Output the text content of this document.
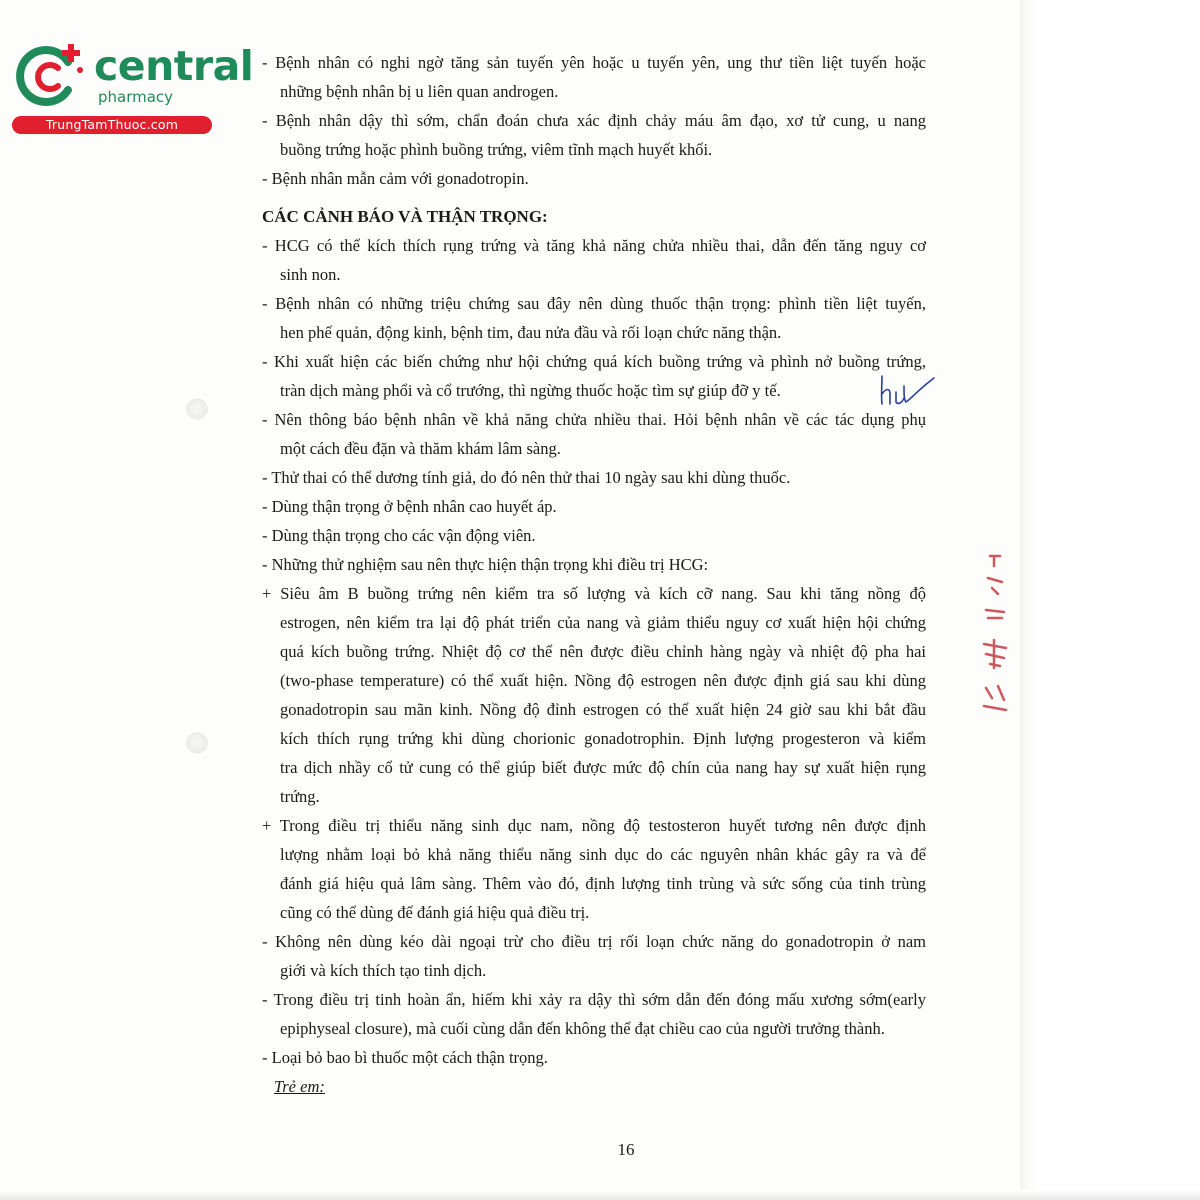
central
pharmacy
TrungTamThuoc.com
- Bệnh nhân có nghi ngờ tăng sản tuyến yên hoặc u tuyến yên, ung thư tiền liệt tuyến hoặc
những bệnh nhân bị u liên quan androgen.
- Bệnh nhân dậy thì sớm, chẩn đoán chưa xác định chảy máu âm đạo, xơ tử cung, u nang
buồng trứng hoặc phình buồng trứng, viêm tĩnh mạch huyết khối.
- Bệnh nhân mẫn cảm với gonadotropin.
CÁC CẢNH BÁO VÀ THẬN TRỌNG:
- HCG có thể kích thích rụng trứng và tăng khả năng chửa nhiều thai, dẫn đến tăng nguy cơ
sinh non.
- Bệnh nhân có những triệu chứng sau đây nên dùng thuốc thận trọng: phình tiền liệt tuyến,
hen phế quản, động kinh, bệnh tim, đau nửa đầu và rối loạn chức năng thận.
- Khi xuất hiện các biến chứng như hội chứng quá kích buồng trứng và phình nở buồng trứng,
tràn dịch màng phổi và cổ trướng, thì ngừng thuốc hoặc tìm sự giúp đỡ y tế.
- Nên thông báo bệnh nhân về khả năng chửa nhiều thai. Hỏi bệnh nhân về các tác dụng phụ
một cách đều đặn và thăm khám lâm sàng.
- Thử thai có thể dương tính giả, do đó nên thử thai 10 ngày sau khi dùng thuốc.
- Dùng thận trọng ở bệnh nhân cao huyết áp.
- Dùng thận trọng cho các vận động viên.
- Những thử nghiệm sau nên thực hiện thận trọng khi điều trị HCG:
+ Siêu âm B buồng trứng nên kiểm tra số lượng và kích cỡ nang. Sau khi tăng nồng độ
estrogen, nên kiểm tra lại độ phát triển của nang và giảm thiểu nguy cơ xuất hiện hội chứng
quá kích buồng trứng. Nhiệt độ cơ thể nên được điều chỉnh hàng ngày và nhiệt độ pha hai
(two-phase temperature) có thể xuất hiện. Nồng độ estrogen nên được định giá sau khi dùng
gonadotropin sau mãn kinh. Nồng độ đỉnh estrogen có thể xuất hiện 24 giờ sau khi bắt đầu
kích thích rụng trứng khi dùng chorionic gonadotrophin. Định lượng progesteron và kiểm
tra dịch nhầy cổ tử cung có thể giúp biết được mức độ chín của nang hay sự xuất hiện rụng
trứng.
+ Trong điều trị thiểu năng sinh dục nam, nồng độ testosteron huyết tương nên được định
lượng nhằm loại bỏ khả năng thiểu năng sinh dục do các nguyên nhân khác gây ra và để
đánh giá hiệu quả lâm sàng. Thêm vào đó, định lượng tinh trùng và sức sống của tinh trùng
cũng có thể dùng để đánh giá hiệu quả điều trị.
- Không nên dùng kéo dài ngoại trừ cho điều trị rối loạn chức năng do gonadotropin ở nam
giới và kích thích tạo tinh dịch.
- Trong điều trị tinh hoàn ẩn, hiếm khi xảy ra dậy thì sớm dẫn đến đóng mấu xương sớm(early
epiphyseal closure), mà cuối cùng dẫn đến không thể đạt chiều cao của người trưởng thành.
- Loại bỏ bao bì thuốc một cách thận trọng.
Trẻ em:
16
